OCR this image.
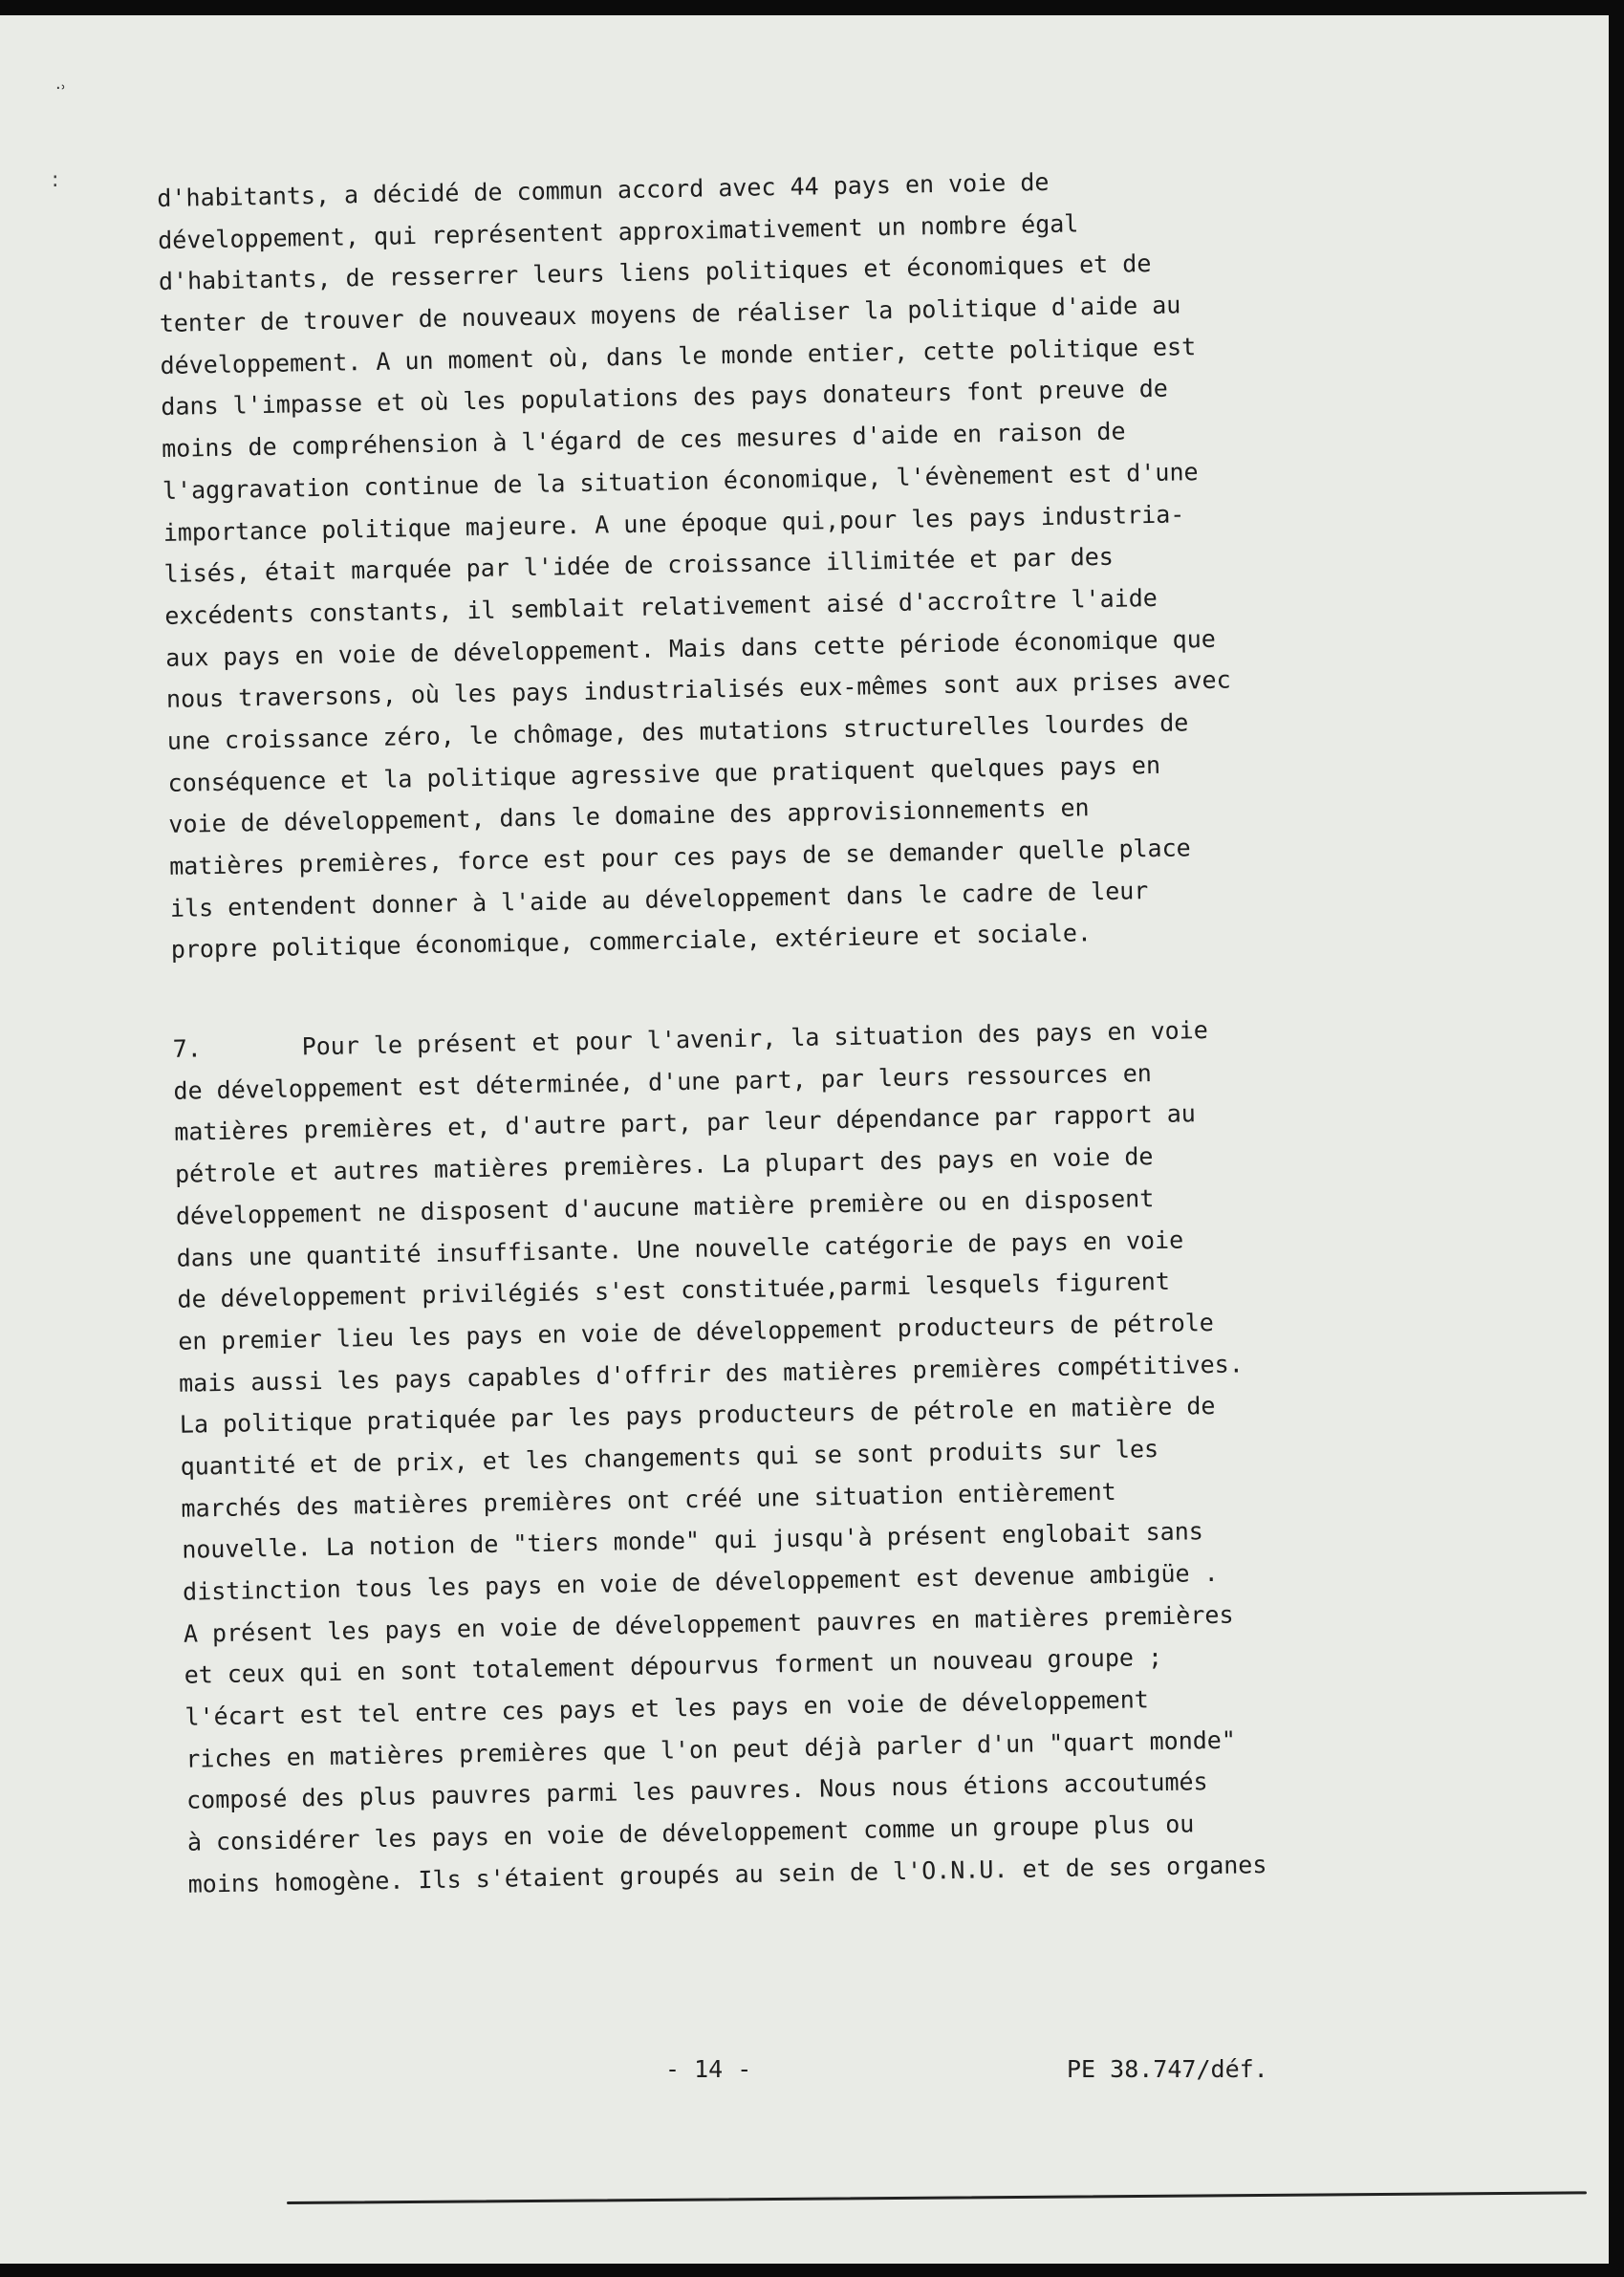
·˒
:	d'habitants, a décidé de commun accord avec 44 pays en voie de
développement, qui représentent approximativement un nombre égal
d'habitants, de resserrer leurs liens politiques et économiques et de
tenter de trouver de nouveaux moyens de réaliser la politique d'aide au
développement. A un moment où, dans le monde entier, cette politique est
dans l'impasse et où les populations des pays donateurs font preuve de
moins de compréhension à l'égard de ces mesures d'aide en raison de
l'aggravation continue de la situation économique, l'évènement est d'une
importance politique majeure. A une époque qui,pour les pays industria-
lisés, était marquée par l'idée de croissance illimitée et par des
excédents constants, il semblait relativement aisé d'accroître l'aide
aux pays en voie de développement. Mais dans cette période économique que
nous traversons, où les pays industrialisés eux-mêmes sont aux prises avec
une croissance zéro, le chômage, des mutations structurelles lourdes de
conséquence et la politique agressive que pratiquent quelques pays en
voie de développement, dans le domaine des approvisionnements en
matières premières, force est pour ces pays de se demander quelle place
ils entendent donner à l'aide au développement dans le cadre de leur
propre politique économique, commerciale, extérieure et sociale.
7.	Pour le présent et pour l'avenir, la situation des pays en voie
de développement est déterminée, d'une part, par leurs ressources en
matières premières et, d'autre part, par leur dépendance par rapport au
pétrole et autres matières premières. La plupart des pays en voie de
développement ne disposent d'aucune matière première ou en disposent
dans une quantité insuffisante. Une nouvelle catégorie de pays en voie
de développement privilégiés s'est constituée,parmi lesquels figurent
en premier lieu les pays en voie de développement producteurs de pétrole
mais aussi les pays capables d'offrir des matières premières compétitives.
La politique pratiquée par les pays producteurs de pétrole en matière de
quantité et de prix, et les changements qui se sont produits sur les
marchés des matières premières ont créé une situation entièrement
nouvelle. La notion de "tiers monde" qui jusqu'à présent englobait sans
distinction tous les pays en voie de développement est devenue ambigüe .
A présent les pays en voie de développement pauvres en matières premières
et ceux qui en sont totalement dépourvus forment un nouveau groupe ;
l'écart est tel entre ces pays et les pays en voie de développement
riches en matières premières que l'on peut déjà parler d'un "quart monde"
composé des plus pauvres parmi les pauvres. Nous nous étions accoutumés
à considérer les pays en voie de développement comme un groupe plus ou
moins homogène. Ils s'étaient groupés au sein de l'O.N.U. et de ses organes
- 14 -	PE 38.747/déf.
